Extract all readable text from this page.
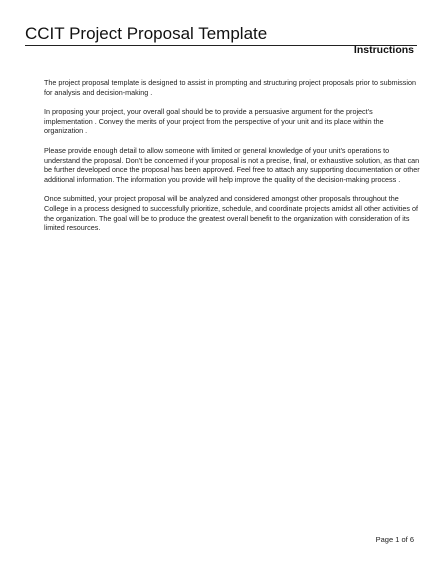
CCIT Project Proposal Template
Instructions

The project proposal template is designed to assist in prompting and structuring project proposals prior to submission for analysis and decision-making .

In proposing your project, your overall goal should be to provide a persuasive argument for the project’s implementation . Convey the merits of your project from the perspective of your unit and its place within the organization .

Please provide enough detail to allow someone with limited or general knowledge of your unit’s operations to understand the proposal. Don’t be concerned if your proposal is not a precise, final, or exhaustive solution, as that can be further developed once the proposal has been approved. Feel free to attach any supporting documentation or other additional information. The information you provide will help improve the quality of the decision-making process .

Once submitted, your project proposal will be analyzed and considered amongst other proposals throughout the College in a process designed to successfully prioritize, schedule, and coordinate projects amidst all other activities of the organization. The goal will be to produce the greatest overall benefit to the organization with consideration of its limited resources.

Page 1 of 6
